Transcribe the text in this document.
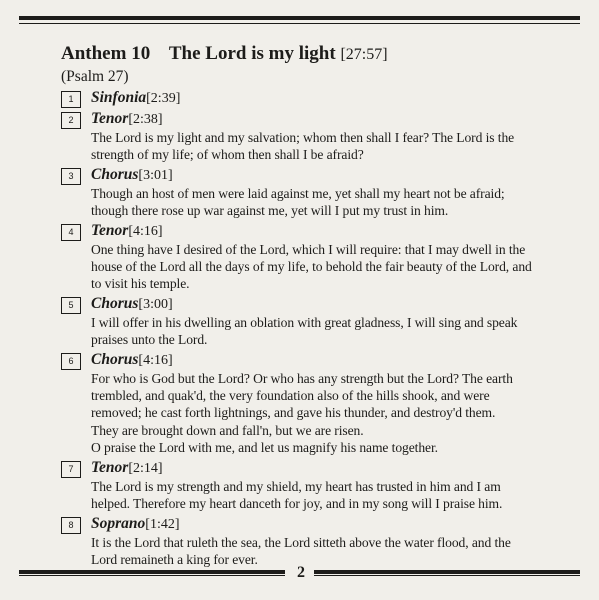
Anthem 10 The Lord is my light [27:57]
(Psalm 27)
1	Sinfonia[2:39]
2	Tenor[2:38]
The Lord is my light and my salvation; whom then shall I fear? The Lord is the
strength of my life; of whom then shall I be afraid?
3	Chorus[3:01]
Though an host of men were laid against me, yet shall my heart not be afraid;
though there rose up war against me, yet will I put my trust in him.
4	Tenor[4:16]
One thing have I desired of the Lord, which I will require: that I may dwell in the
house of the Lord all the days of my life, to behold the fair beauty of the Lord, and
to visit his temple.
5	Chorus[3:00]
I will offer in his dwelling an oblation with great gladness, I will sing and speak
praises unto the Lord.
6	Chorus[4:16]
For who is God but the Lord? Or who has any strength but the Lord? The earth
trembled, and quak'd, the very foundation also of the hills shook, and were
removed; he cast forth lightnings, and gave his thunder, and destroy'd them.
They are brought down and fall'n, but we are risen.
O praise the Lord with me, and let us magnify his name together.
7	Tenor[2:14]
The Lord is my strength and my shield, my heart has trusted in him and I am
helped. Therefore my heart danceth for joy, and in my song will I praise him.
8	Soprano[1:42]
It is the Lord that ruleth the sea, the Lord sitteth above the water flood, and the
Lord remaineth a king for ever.
2
